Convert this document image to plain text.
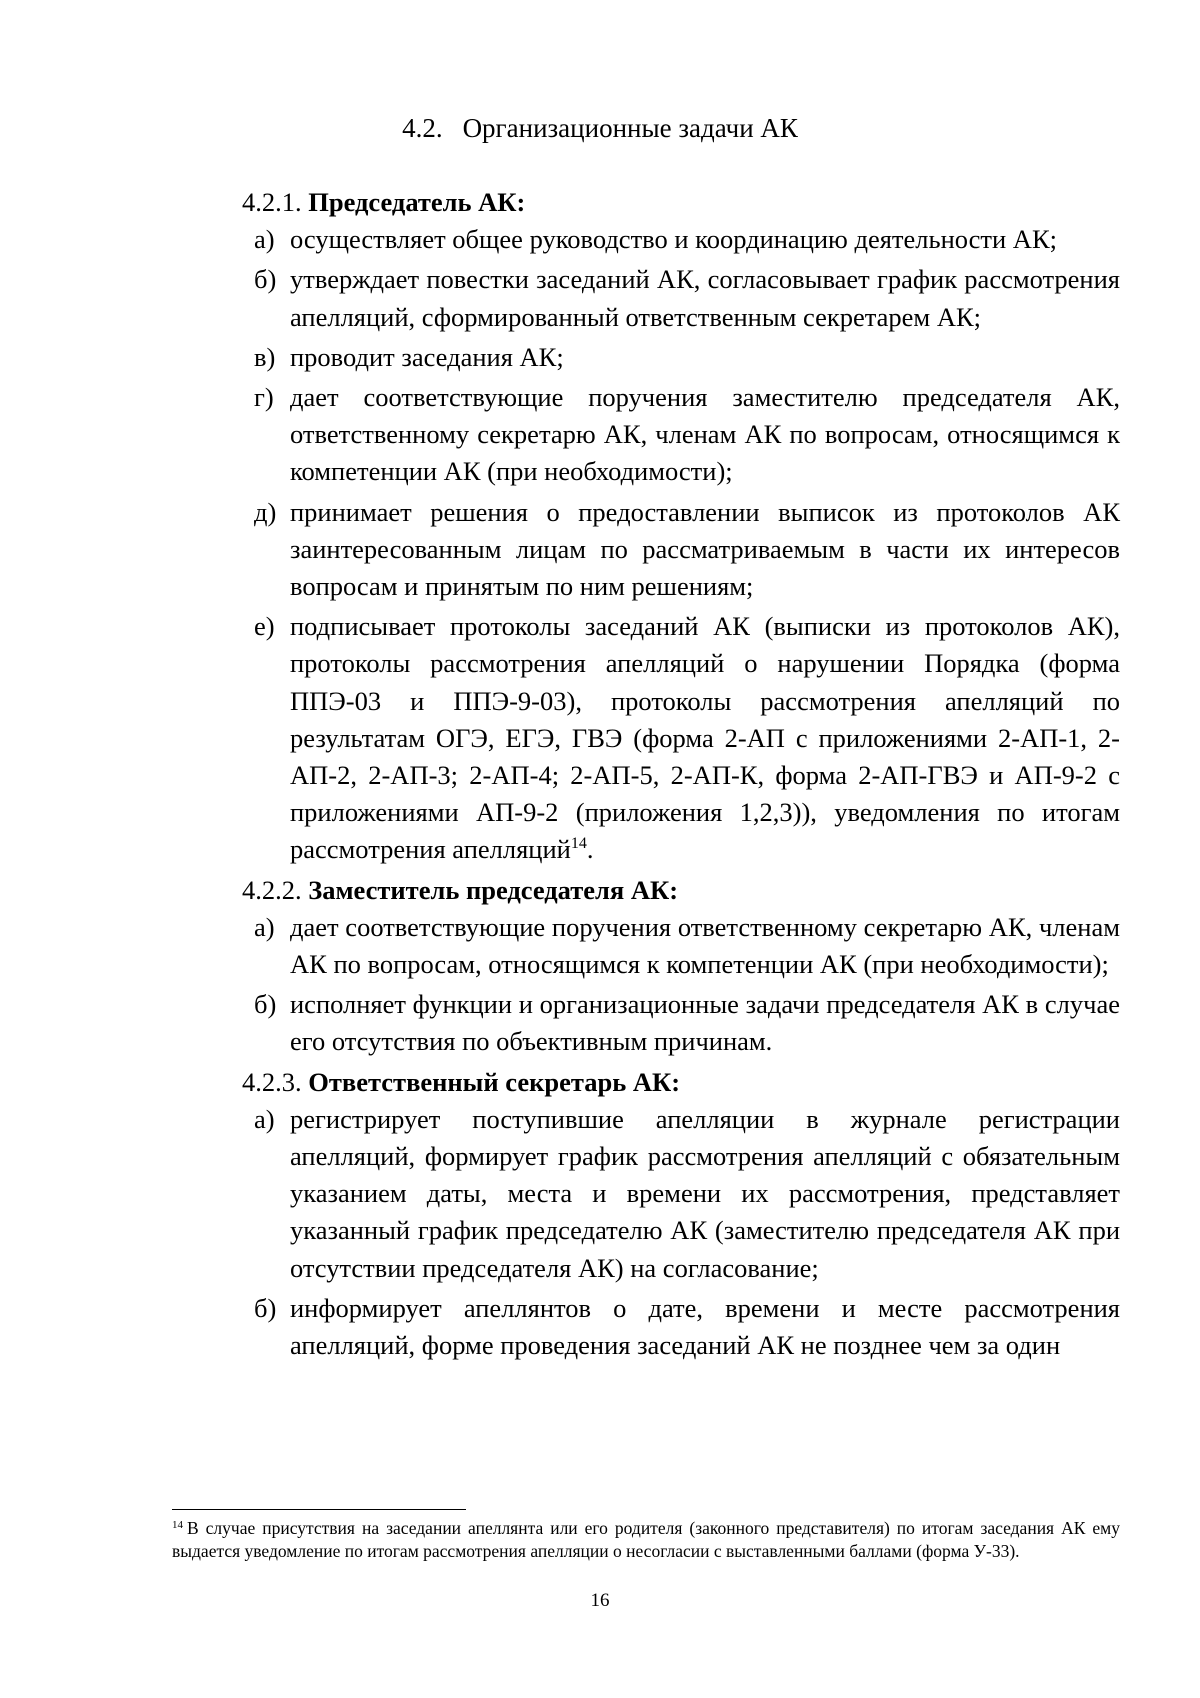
4.2. Организационные задачи АК

4.2.1. Председатель АК:

а) осуществляет общее руководство и координацию деятельности АК;

б) утверждает повестки заседаний АК, согласовывает график рассмотрения апелляций, сформированный ответственным секретарем АК;

в) проводит заседания АК;

г) дает соответствующие поручения заместителю председателя АК, ответственному секретарю АК, членам АК по вопросам, относящимся к компетенции АК (при необходимости);

д) принимает решения о предоставлении выписок из протоколов АК заинтересованным лицам по рассматриваемым в части их интересов вопросам и принятым по ним решениям;

е) подписывает протоколы заседаний АК (выписки из протоколов АК), протоколы рассмотрения апелляций о нарушении Порядка (форма ППЭ-03 и ППЭ-9-03), протоколы рассмотрения апелляций по результатам ОГЭ, ЕГЭ, ГВЭ (форма 2-АП с приложениями 2-АП-1, 2-АП-2, 2-АП-3; 2-АП-4; 2-АП-5, 2-АП-К, форма 2-АП-ГВЭ и АП-9-2 с приложениями АП-9-2 (приложения 1,2,3)), уведомления по итогам рассмотрения апелляций$^{14}$.

4.2.2. Заместитель председателя АК:

а) дает соответствующие поручения ответственному секретарю АК, членам АК по вопросам, относящимся к компетенции АК (при необходимости);

б) исполняет функции и организационные задачи председателя АК в случае его отсутствия по объективным причинам.

4.2.3. Ответственный секретарь АК:

а) регистрирует поступившие апелляции в журнале регистрации апелляций, формирует график рассмотрения апелляций с обязательным указанием даты, места и времени их рассмотрения, представляет указанный график председателю АК (заместителю председателя АК при отсутствии председателя АК) на согласование;

б) информирует апеллянтов о дате, времени и месте рассмотрения апелляций, форме проведения заседаний АК не позднее чем за один

$^{14}$ В случае присутствия на заседании апеллянта или его родителя (законного представителя) по итогам заседания АК ему выдается уведомление по итогам рассмотрения апелляции о несогласии с выставленными баллами (форма У-33).
16
